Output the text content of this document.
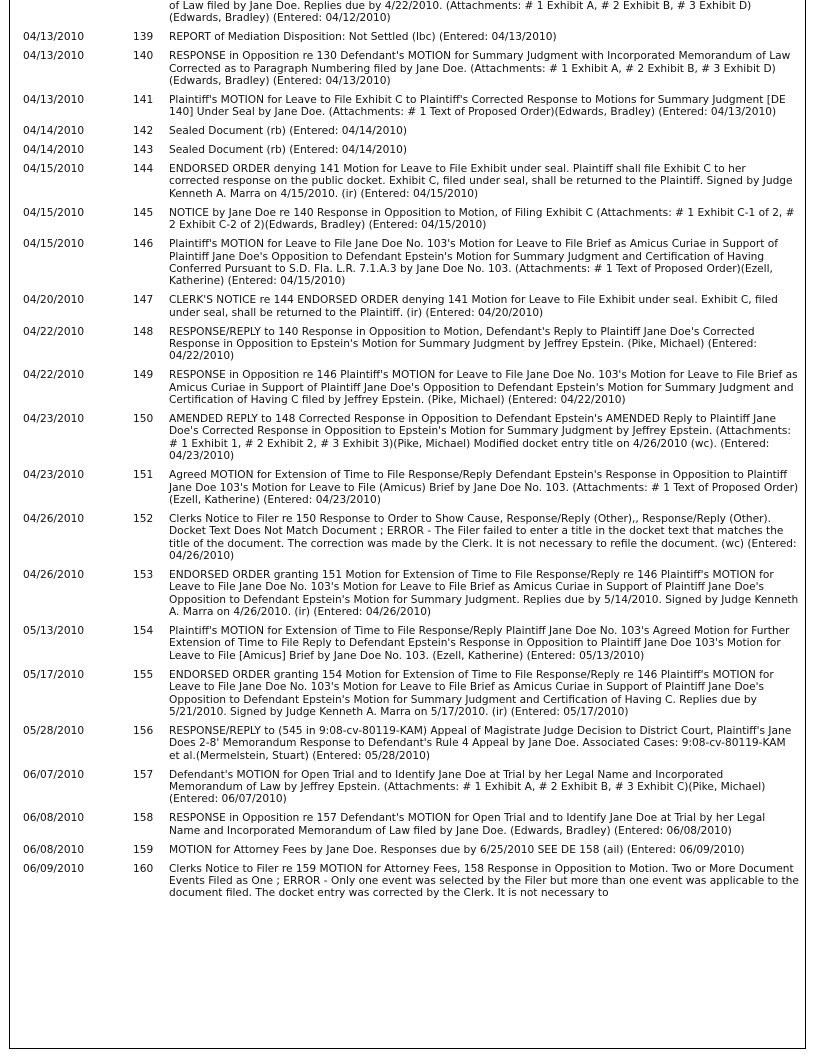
		of Law filed by Jane Doe. Replies due by 4/22/2010. (Attachments: # 1 Exhibit A, # 2 Exhibit B, # 3 Exhibit D)(Edwards, Bradley) (Entered: 04/12/2010)
04/13/2010	139	REPORT of Mediation Disposition: Not Settled (lbc) (Entered: 04/13/2010)
04/13/2010	140	RESPONSE in Opposition re 130 Defendant's MOTION for Summary Judgment with Incorporated Memorandum of Law Corrected as to Paragraph Numbering filed by Jane Doe. (Attachments: # 1 Exhibit A, # 2 Exhibit B, # 3 Exhibit D)(Edwards, Bradley) (Entered: 04/13/2010)
04/13/2010	141	Plaintiff's MOTION for Leave to File Exhibit C to Plaintiff's Corrected Response to Motions for Summary Judgment [DE 140] Under Seal by Jane Doe. (Attachments: # 1 Text of Proposed Order)(Edwards, Bradley) (Entered: 04/13/2010)
04/14/2010	142	Sealed Document (rb) (Entered: 04/14/2010)
04/14/2010	143	Sealed Document (rb) (Entered: 04/14/2010)
04/15/2010	144	ENDORSED ORDER denying 141 Motion for Leave to File Exhibit under seal. Plaintiff shall file Exhibit C to her corrected response on the public docket. Exhibit C, filed under seal, shall be returned to the Plaintiff. Signed by Judge Kenneth A. Marra on 4/15/2010. (ir) (Entered: 04/15/2010)
04/15/2010	145	NOTICE by Jane Doe re 140 Response in Opposition to Motion, of Filing Exhibit C (Attachments: # 1 Exhibit C-1 of 2, # 2 Exhibit C-2 of 2)(Edwards, Bradley) (Entered: 04/15/2010)
04/15/2010	146	Plaintiff's MOTION for Leave to File Jane Doe No. 103's Motion for Leave to File Brief as Amicus Curiae in Support of Plaintiff Jane Doe's Opposition to Defendant Epstein's Motion for Summary Judgment and Certification of Having Conferred Pursuant to S.D. Fla. L.R. 7.1.A.3 by Jane Doe No. 103. (Attachments: # 1 Text of Proposed Order)(Ezell, Katherine) (Entered: 04/15/2010)
04/20/2010	147	CLERK'S NOTICE re 144 ENDORSED ORDER denying 141 Motion for Leave to File Exhibit under seal. Exhibit C, filed under seal, shall be returned to the Plaintiff. (ir) (Entered: 04/20/2010)
04/22/2010	148	RESPONSE/REPLY to 140 Response in Opposition to Motion, Defendant's Reply to Plaintiff Jane Doe's Corrected Response in Opposition to Epstein's Motion for Summary Judgment by Jeffrey Epstein. (Pike, Michael) (Entered: 04/22/2010)
04/22/2010	149	RESPONSE in Opposition re 146 Plaintiff's MOTION for Leave to File Jane Doe No. 103's Motion for Leave to File Brief as Amicus Curiae in Support of Plaintiff Jane Doe's Opposition to Defendant Epstein's Motion for Summary Judgment and Certification of Having C filed by Jeffrey Epstein. (Pike, Michael) (Entered: 04/22/2010)
04/23/2010	150	AMENDED REPLY to 148 Corrected Response in Opposition to Defendant Epstein's AMENDED Reply to Plaintiff Jane Doe's Corrected Response in Opposition to Epstein's Motion for Summary Judgment by Jeffrey Epstein. (Attachments: # 1 Exhibit 1, # 2 Exhibit 2, # 3 Exhibit 3)(Pike, Michael) Modified docket entry title on 4/26/2010 (wc). (Entered: 04/23/2010)
04/23/2010	151	Agreed MOTION for Extension of Time to File Response/Reply Defendant Epstein's Response in Opposition to Plaintiff Jane Doe 103's Motion for Leave to File (Amicus) Brief by Jane Doe No. 103. (Attachments: # 1 Text of Proposed Order)(Ezell, Katherine) (Entered: 04/23/2010)
04/26/2010	152	Clerks Notice to Filer re 150 Response to Order to Show Cause, Response/Reply (Other),, Response/Reply (Other). Docket Text Does Not Match Document ; ERROR - The Filer failed to enter a title in the docket text that matches the title of the document. The correction was made by the Clerk. It is not necessary to refile the document. (wc) (Entered: 04/26/2010)
04/26/2010	153	ENDORSED ORDER granting 151 Motion for Extension of Time to File Response/Reply re 146 Plaintiff's MOTION for Leave to File Jane Doe No. 103's Motion for Leave to File Brief as Amicus Curiae in Support of Plaintiff Jane Doe's Opposition to Defendant Epstein's Motion for Summary Judgment. Replies due by 5/14/2010. Signed by Judge Kenneth A. Marra on 4/26/2010. (ir) (Entered: 04/26/2010)
05/13/2010	154	Plaintiff's MOTION for Extension of Time to File Response/Reply Plaintiff Jane Doe No. 103's Agreed Motion for Further Extension of Time to File Reply to Defendant Epstein's Response in Opposition to Plaintiff Jane Doe 103's Motion for Leave to File [Amicus] Brief by Jane Doe No. 103. (Ezell, Katherine) (Entered: 05/13/2010)
05/17/2010	155	ENDORSED ORDER granting 154 Motion for Extension of Time to File Response/Reply re 146 Plaintiff's MOTION for Leave to File Jane Doe No. 103's Motion for Leave to File Brief as Amicus Curiae in Support of Plaintiff Jane Doe's Opposition to Defendant Epstein's Motion for Summary Judgment and Certification of Having C. Replies due by 5/21/2010. Signed by Judge Kenneth A. Marra on 5/17/2010. (ir) (Entered: 05/17/2010)
05/28/2010	156	RESPONSE/REPLY to (545 in 9:08-cv-80119-KAM) Appeal of Magistrate Judge Decision to District Court, Plaintiff's Jane Does 2-8' Memorandum Response to Defendant's Rule 4 Appeal by Jane Doe. Associated Cases: 9:08-cv-80119-KAM et al.(Mermelstein, Stuart) (Entered: 05/28/2010)
06/07/2010	157	Defendant's MOTION for Open Trial and to Identify Jane Doe at Trial by her Legal Name and Incorporated Memorandum of Law by Jeffrey Epstein. (Attachments: # 1 Exhibit A, # 2 Exhibit B, # 3 Exhibit C)(Pike, Michael) (Entered: 06/07/2010)
06/08/2010	158	RESPONSE in Opposition re 157 Defendant's MOTION for Open Trial and to Identify Jane Doe at Trial by her Legal Name and Incorporated Memorandum of Law filed by Jane Doe. (Edwards, Bradley) (Entered: 06/08/2010)
06/08/2010	159	MOTION for Attorney Fees by Jane Doe. Responses due by 6/25/2010 SEE DE 158 (ail) (Entered: 06/09/2010)
06/09/2010	160	Clerks Notice to Filer re 159 MOTION for Attorney Fees, 158 Response in Opposition to Motion. Two or More Document Events Filed as One ; ERROR - Only one event was selected by the Filer but more than one event was applicable to the document filed. The docket entry was corrected by the Clerk. It is not necessary to
